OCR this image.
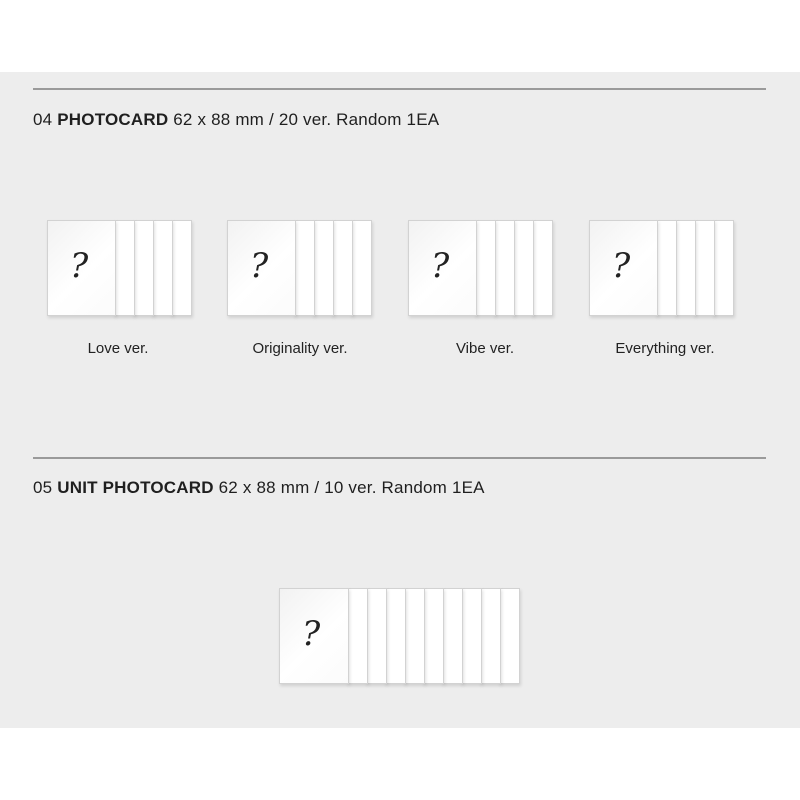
04 PHOTOCARD 62 x 88 mm / 20 ver. Random 1EA
?
Love ver.
?
Originality ver.
?
Vibe ver.
?
Everything ver.
05 UNIT PHOTOCARD 62 x 88 mm / 10 ver. Random 1EA
?
